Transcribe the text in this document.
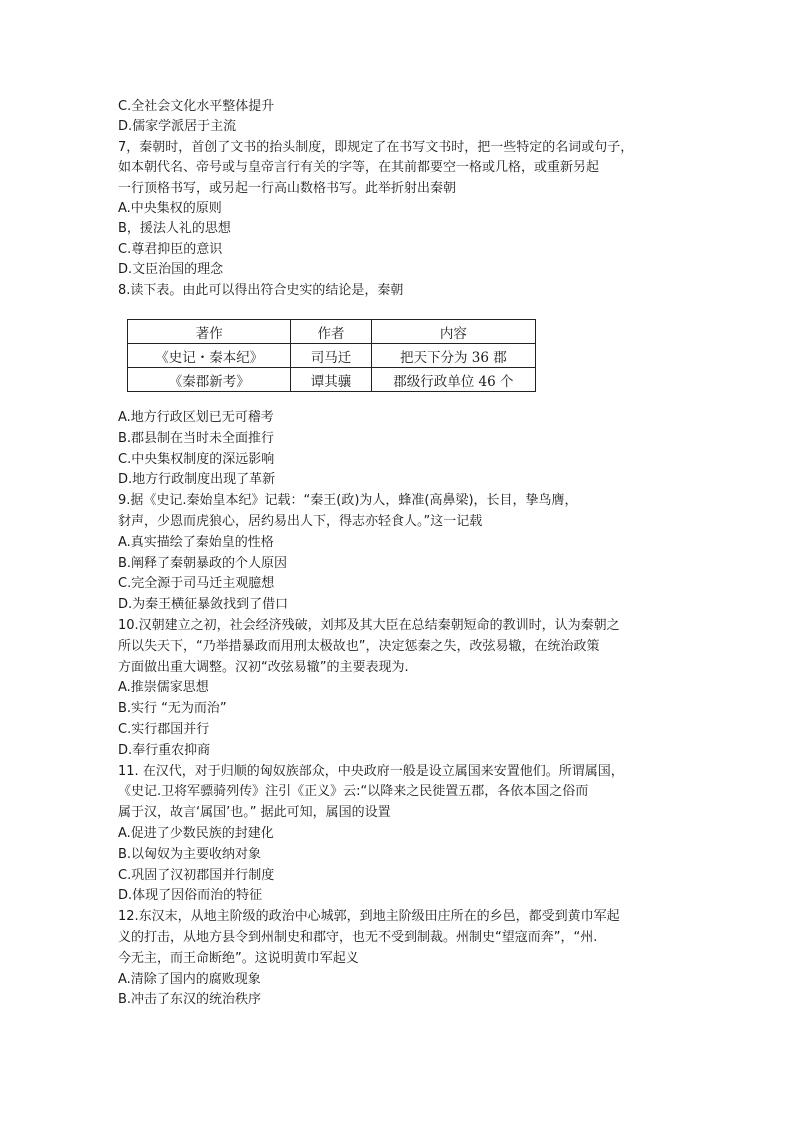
C.全社会文化水平整体提升
D.儒家学派居于主流
7，秦朝时，首创了文书的抬头制度，即规定了在书写文书时，把一些特定的名词或句子，
如本朝代名、帝号或与皇帝言行有关的字等，在其前都要空一格或几格，或重新另起
一行顶格书写，或另起一行高山数格书写。此举折射出秦朝
A.中央集权的原则
B，援法人礼的思想
C.尊君抑臣的意识
D.文臣治国的理念
8.读下表。由此可以得出符合史实的结论是，秦朝
著作	作者	内容
《史记・秦本纪》	司马迁	把天下分为 36 郡
《秦郡新考》	谭其骧	郡级行政单位 46 个
A.地方行政区划已无可稽考
B.郡县制在当时未全面推行
C.中央集权制度的深远影响
D.地方行政制度出现了革新
9.据《史记.秦始皇本纪》记载：“秦王(政)为人，蜂准(高鼻梁)，长目，挚鸟膺，
豺声，少恩而虎狼心，居约易出人下，得志亦轻食人。”这一记载
A.真实描绘了秦始皇的性格
B.阐释了秦朝暴政的个人原因
C.完全源于司马迁主观臆想
D.为秦王横征暴敛找到了借口
10.汉朝建立之初，社会经济残破，刘邦及其大臣在总结秦朝短命的教训时，认为秦朝之
所以失天下，“乃举措暴政而用刑太极故也”，决定惩秦之失，改弦易辙，在统治政策
方面做出重大调整。汉初“改弦易辙”的主要表现为.
A.推崇儒家思想
B.实行 “无为而治”
C.实行郡国并行
D.奉行重农抑商
11. 在汉代，对于归顺的匈奴族部众，中央政府一般是设立属国来安置他们。所谓属国，
《史记.卫将军骠骑列传》注引《正义》云:“以降来之民徙置五郡，各依本国之俗而
属于汉，故言‘属国’也。” 据此可知，属国的设置
A.促进了少数民族的封建化
B.以匈奴为主要收纳对象
C.巩固了汉初郡国并行制度
D.体现了因俗而治的特征
12.东汉末，从地主阶级的政治中心城郭，到地主阶级田庄所在的乡邑，都受到黄巾军起
义的打击，从地方县令到州制史和郡守，也无不受到制裁。州制史“望寇而奔”，“州.
今无主，而王命断绝”。这说明黄巾军起义
A.清除了国内的腐败现象
B.冲击了东汉的统治秩序
